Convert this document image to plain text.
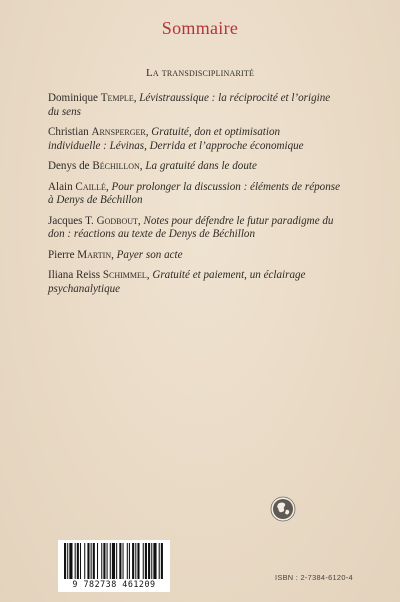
Sommaire
La transdisciplinarité
Dominique Temple, Lévistraussique : la réciprocité et l’origine
du sens
Christian Arnsperger, Gratuité, don et optimisation
individuelle : Lévinas, Derrida et l’approche économique
Denys de Béchillon, La gratuité dans le doute
Alain Caillé, Pour prolonger la discussion : éléments de réponse
à Denys de Béchillon
Jacques T. Godbout, Notes pour défendre le futur paradigme du
don : réactions au texte de Denys de Béchillon
Pierre Martin, Payer son acte
Iliana Reiss Schimmel, Gratuité et paiement, un éclairage
psychanalytique
9 782738 461209
ISBN : 2-7384-6120-4
